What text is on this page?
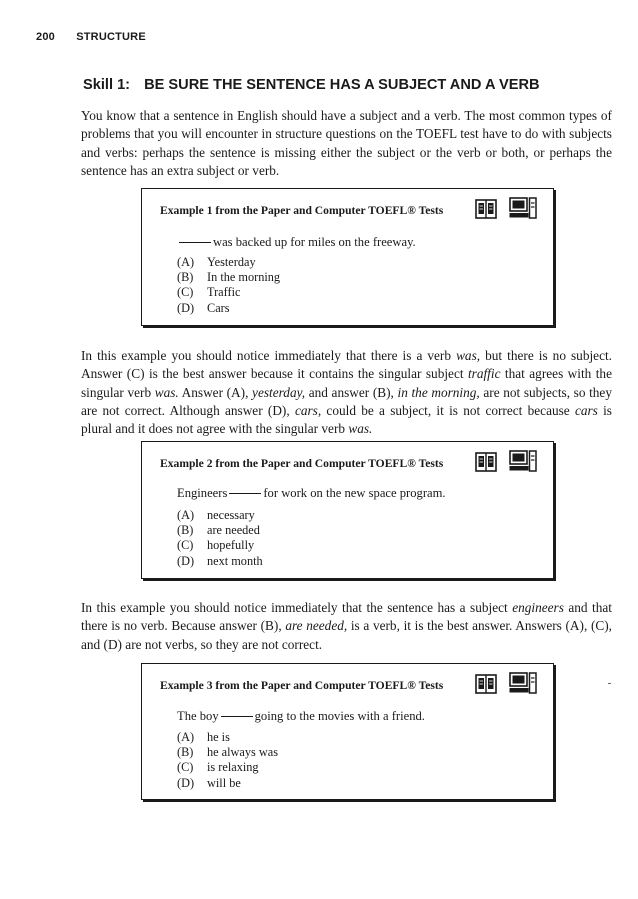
200 STRUCTURE
Skill 1: BE SURE THE SENTENCE HAS A SUBJECT AND A VERB

You know that a sentence in English should have a subject and a verb. The most common types of problems that you will encounter in structure questions on the TOEFL test have to do with subjects and verbs: perhaps the sentence is missing either the subject or the verb or both, or perhaps the sentence has an extra subject or verb.

Example 1 from the Paper and Computer TOEFL® Tests
was backed up for miles on the freeway.
(A) Yesterday
(B) In the morning
(C) Traffic
(D) Cars

In this example you should notice immediately that there is a verb was, but there is no subject. Answer (C) is the best answer because it contains the singular subject traffic that agrees with the singular verb was. Answer (A), yesterday, and answer (B), in the morning, are not subjects, so they are not correct. Although answer (D), cars, could be a subject, it is not correct because cars is plural and it does not agree with the singular verb was.

Example 2 from the Paper and Computer TOEFL® Tests
Engineers	for work on the new space program.
(A) necessary
(B) are needed
(C) hopefully
(D) next month

In this example you should notice immediately that the sentence has a subject engineers and that there is no verb. Because answer (B), are needed, is a verb, it is the best answer. Answers (A), (C), and (D) are not verbs, so they are not correct.

Example 3 from the Paper and Computer TOEFL® Tests
The boy	going to the movies with a friend.
(A) he is
(B) he always was
(C) is relaxing
(D) will be
